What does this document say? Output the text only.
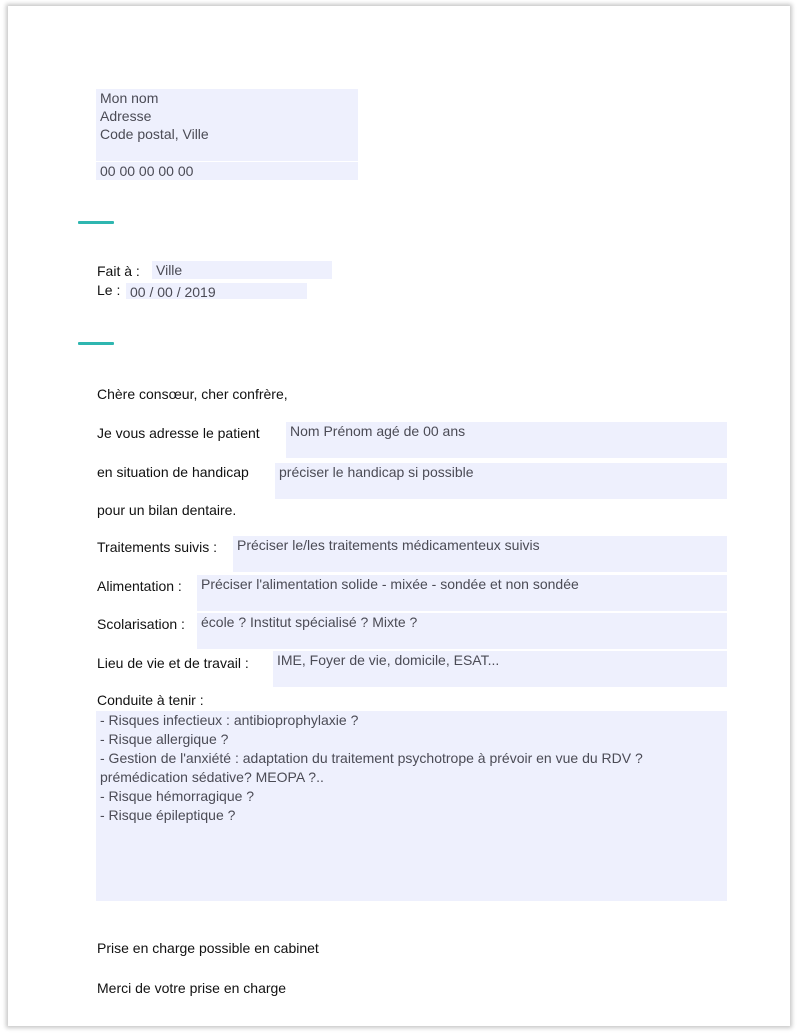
Mon nom
Adresse
Code postal, Ville
00 00 00 00 00
Fait à : Ville
Le : 00 / 00 / 2019
Chère consœur, cher confrère,
Je vous adresse le patient Nom Prénom agé de 00 ans
en situation de handicap préciser le handicap si possible
pour un bilan dentaire.
Traitements suivis : Préciser le/les traitements médicamenteux suivis
Alimentation : Préciser l'alimentation solide - mixée - sondée et non sondée
Scolarisation : école ? Institut spécialisé ? Mixte ?
Lieu de vie et de travail : IME, Foyer de vie, domicile, ESAT...
Conduite à tenir :
- Risques infectieux : antibioprophylaxie ?
- Risque allergique ?
- Gestion de l'anxiété : adaptation du traitement psychotrope à prévoir en vue du RDV ?
prémédication sédative? MEOPA ?..
- Risque hémorragique ?
- Risque épileptique ?
Prise en charge possible en cabinet
Merci de votre prise en charge
